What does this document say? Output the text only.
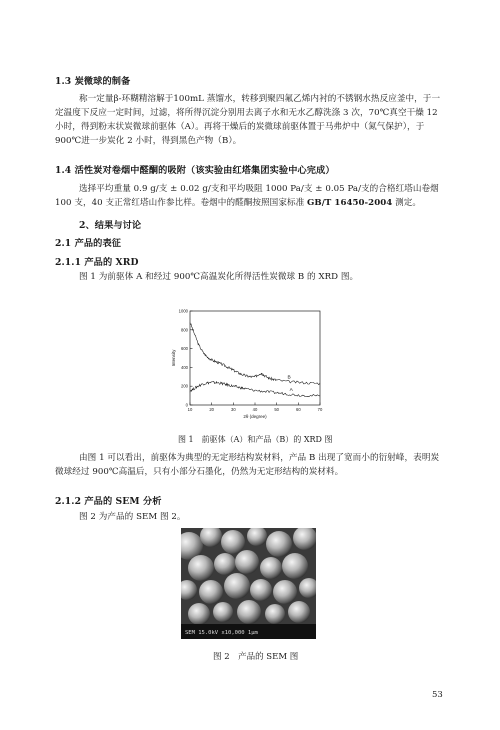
1.3 炭微球的制备
称一定量β-环糊精溶解于100mL 蒸馏水，转移到聚四氟乙烯内衬的不锈钢水热反应釜中，于一定温度下反应一定时间，过滤，将所得沉淀分别用去离子水和无水乙醇洗涤 3 次，70℃真空干燥 12 小时，得到粉末状炭微球前驱体（A）。再将干燥后的炭微球前驱体置于马弗炉中（氮气保护），于 900℃进一步炭化 2 小时，得到黑色产物（B）。
1.4 活性炭对卷烟中醛酮的吸附（该实验由红塔集团实验中心完成）
选择平均重量 0.9 g/支 ± 0.02 g/支和平均吸阻 1000 Pa/支 ± 0.05 Pa/支的合格红塔山卷烟 100 支，40 支正常红塔山作参比样。卷烟中的醛酮按照国家标准 GB/T 16450-2004 测定。
2、结果与讨论
2.1 产品的表征
2.1.1 产品的 XRD
图 1 为前驱体 A 和经过 900℃高温炭化所得活性炭微球 B 的 XRD 图。
B
A
10	20	30	40	50	60	70
0
200
400
600
800
1000
2θ (degree)
Intensity
图 1　前驱体（A）和产品（B）的 XRD 图
由图 1 可以看出，前驱体为典型的无定形结构炭材料，产品 B 出现了宽而小的衍射峰，表明炭微球经过 900℃高温后，只有小部分石墨化，仍然为无定形结构的炭材料。
2.1.2 产品的 SEM 分析
图 2 为产品的 SEM 图 2。
SEM 15.0kV x10,000 1µm
图 2　产品的 SEM 图
53
